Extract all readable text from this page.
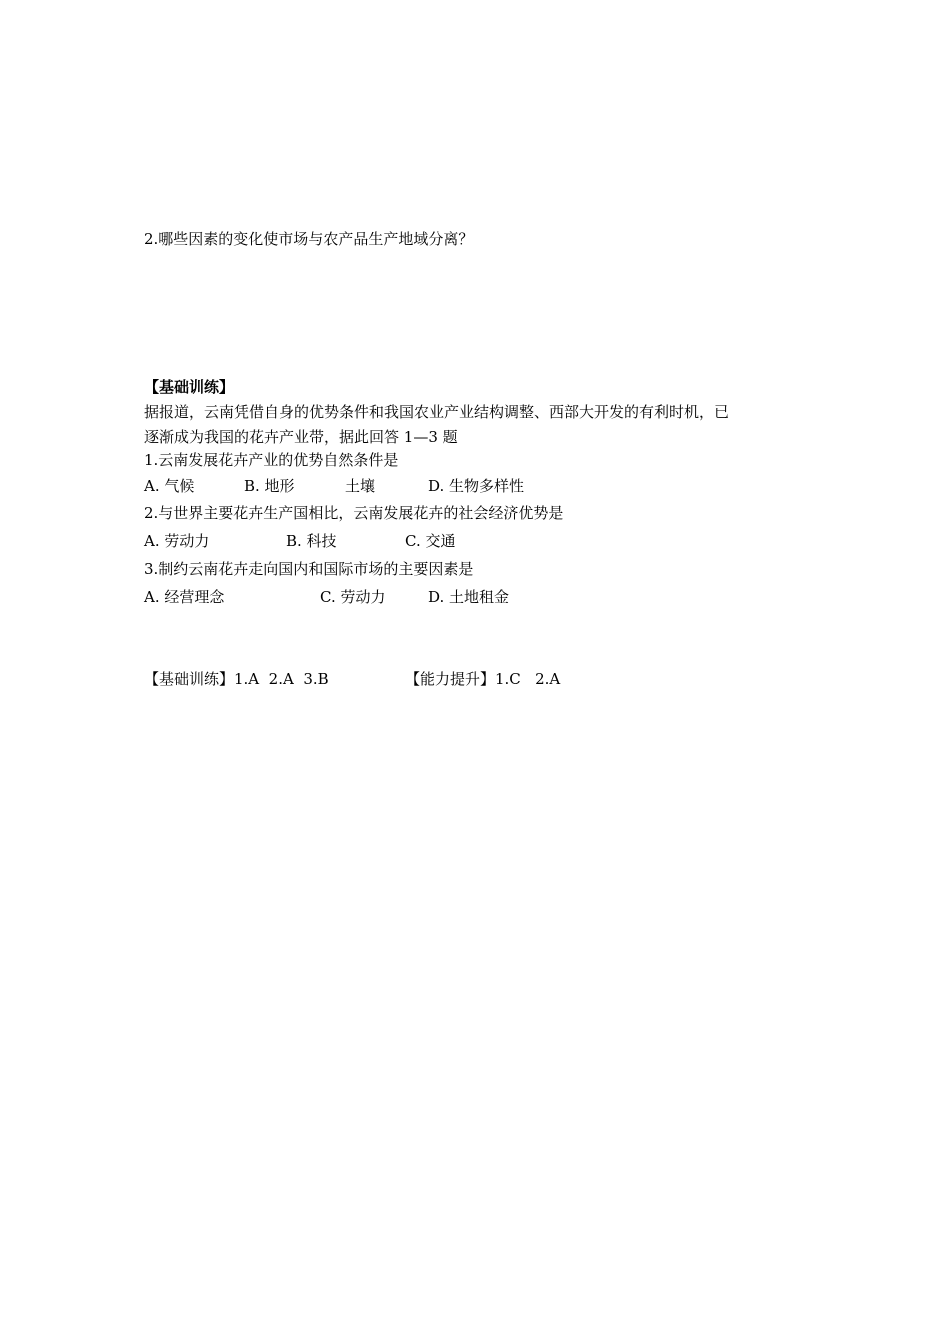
2.哪些因素的变化使市场与农产品生产地域分离？
【基础训练】
据报道，云南凭借自身的优势条件和我国农业产业结构调整、西部大开发的有利时机，已
逐渐成为我国的花卉产业带，据此回答 1—3 题
1.云南发展花卉产业的优势自然条件是
A. 气候	B. 地形	土壤	D. 生物多样性
2.与世界主要花卉生产国相比，云南发展花卉的社会经济优势是
A. 劳动力	B. 科技	C. 交通
3.制约云南花卉走向国内和国际市场的主要因素是
A. 经营理念	C. 劳动力	D. 土地租金
【基础训练】1.A  2.A  3.B	【能力提升】1.C   2.A
